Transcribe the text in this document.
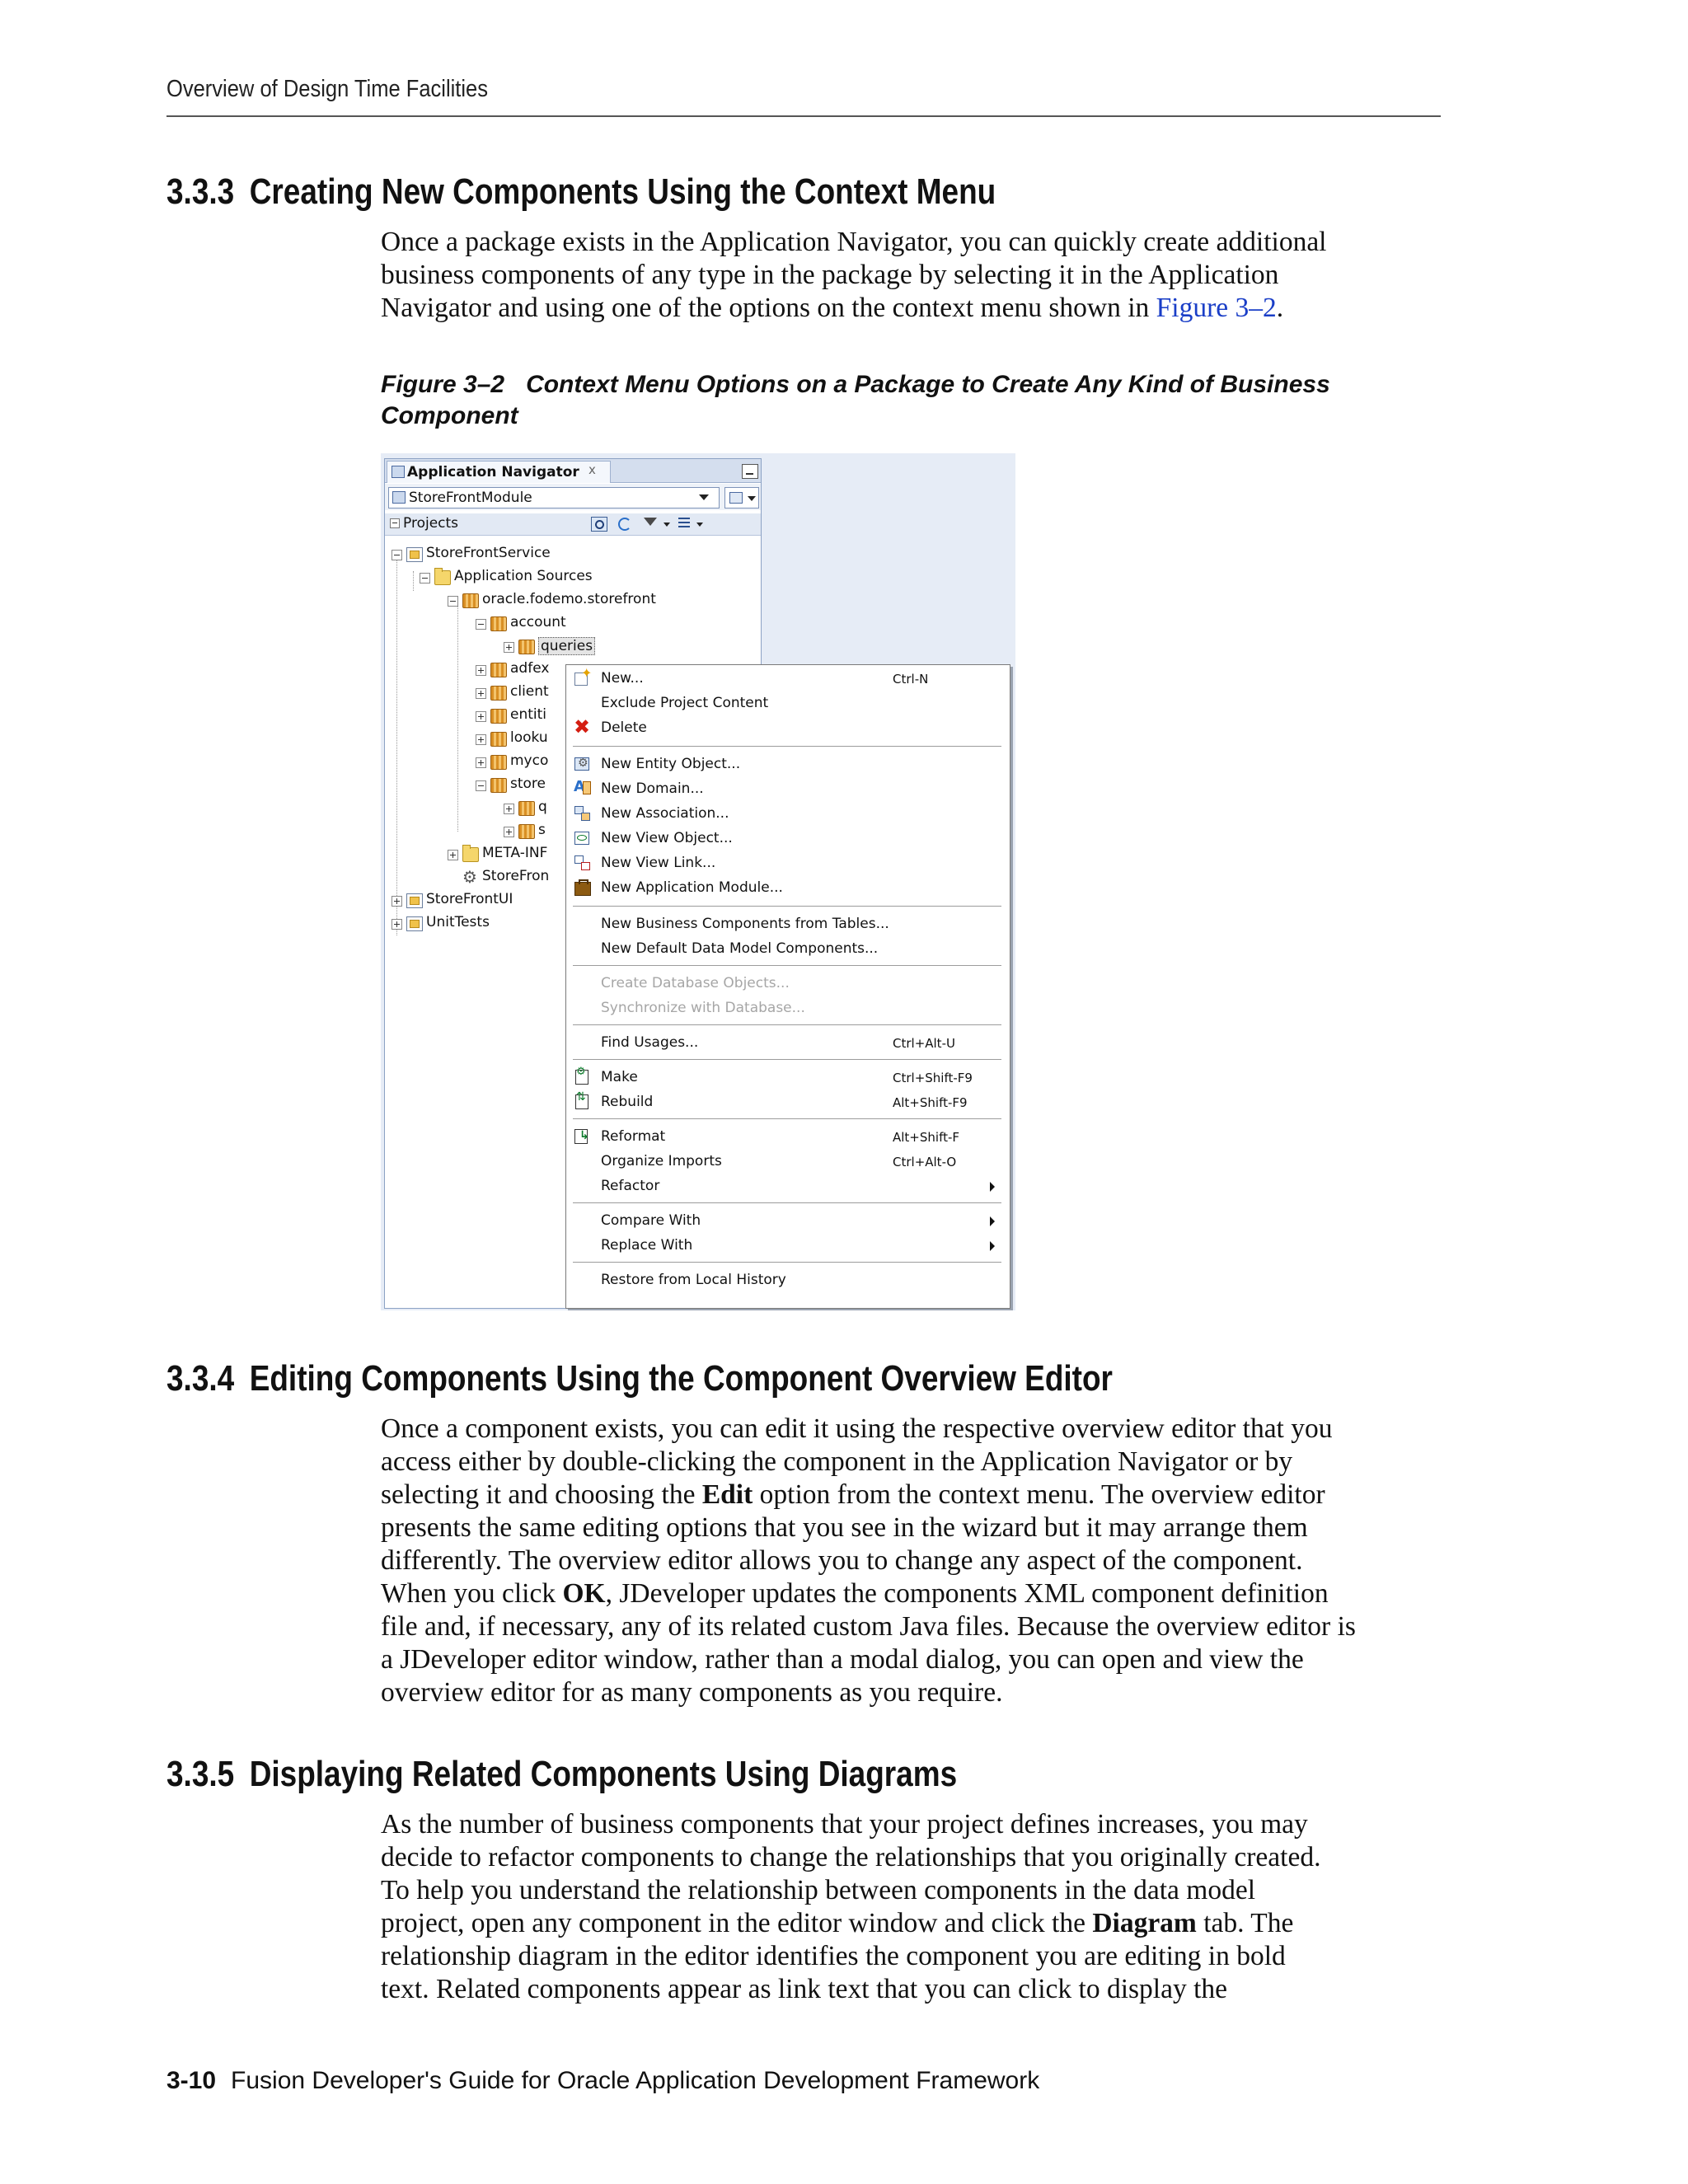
Overview of Design Time Facilities
3.3.3 Creating New Components Using the Context Menu
Once a package exists in the Application Navigator, you can quickly create additional
business components of any type in the package by selecting it in the Application
Navigator and using one of the options on the context menu shown in Figure 3–2.
Figure 3–2 Context Menu Options on a Package to Create Any Kind of Business
Component
Application Navigator x
StoreFrontModule
Projects
StoreFrontService
Application Sources
oracle.fodemo.storefront
account
queries
adfex
client
entiti
looku
myco
store
q
s
META-INF
⚙
StoreFron
StoreFrontUI
UnitTests
✦
New...	Ctrl-N
Exclude Project Content
✖
Delete
⚙
New Entity Object...
A
New Domain...
New Association...
New View Object...
New View Link...
New Application Module...
New Business Components from Tables...
New Default Data Model Components...
Create Database Objects...
Synchronize with Database...
Find Usages...	Ctrl+Alt-U
⚙
Make	Ctrl+Shift-F9
⇅
Rebuild	Alt+Shift-F9
↳
Reformat	Alt+Shift-F
Organize Imports	Ctrl+Alt-O
Refactor
Compare With
Replace With
Restore from Local History
3.3.4 Editing Components Using the Component Overview Editor
Once a component exists, you can edit it using the respective overview editor that you
access either by double-clicking the component in the Application Navigator or by
selecting it and choosing the Edit option from the context menu. The overview editor
presents the same editing options that you see in the wizard but it may arrange them
differently. The overview editor allows you to change any aspect of the component.
When you click OK, JDeveloper updates the components XML component definition
file and, if necessary, any of its related custom Java files. Because the overview editor is
a JDeveloper editor window, rather than a modal dialog, you can open and view the
overview editor for as many components as you require.
3.3.5 Displaying Related Components Using Diagrams
As the number of business components that your project defines increases, you may
decide to refactor components to change the relationships that you originally created.
To help you understand the relationship between components in the data model
project, open any component in the editor window and click the Diagram tab. The
relationship diagram in the editor identifies the component you are editing in bold
text. Related components appear as link text that you can click to display the
3-10 Fusion Developer's Guide for Oracle Application Development Framework
